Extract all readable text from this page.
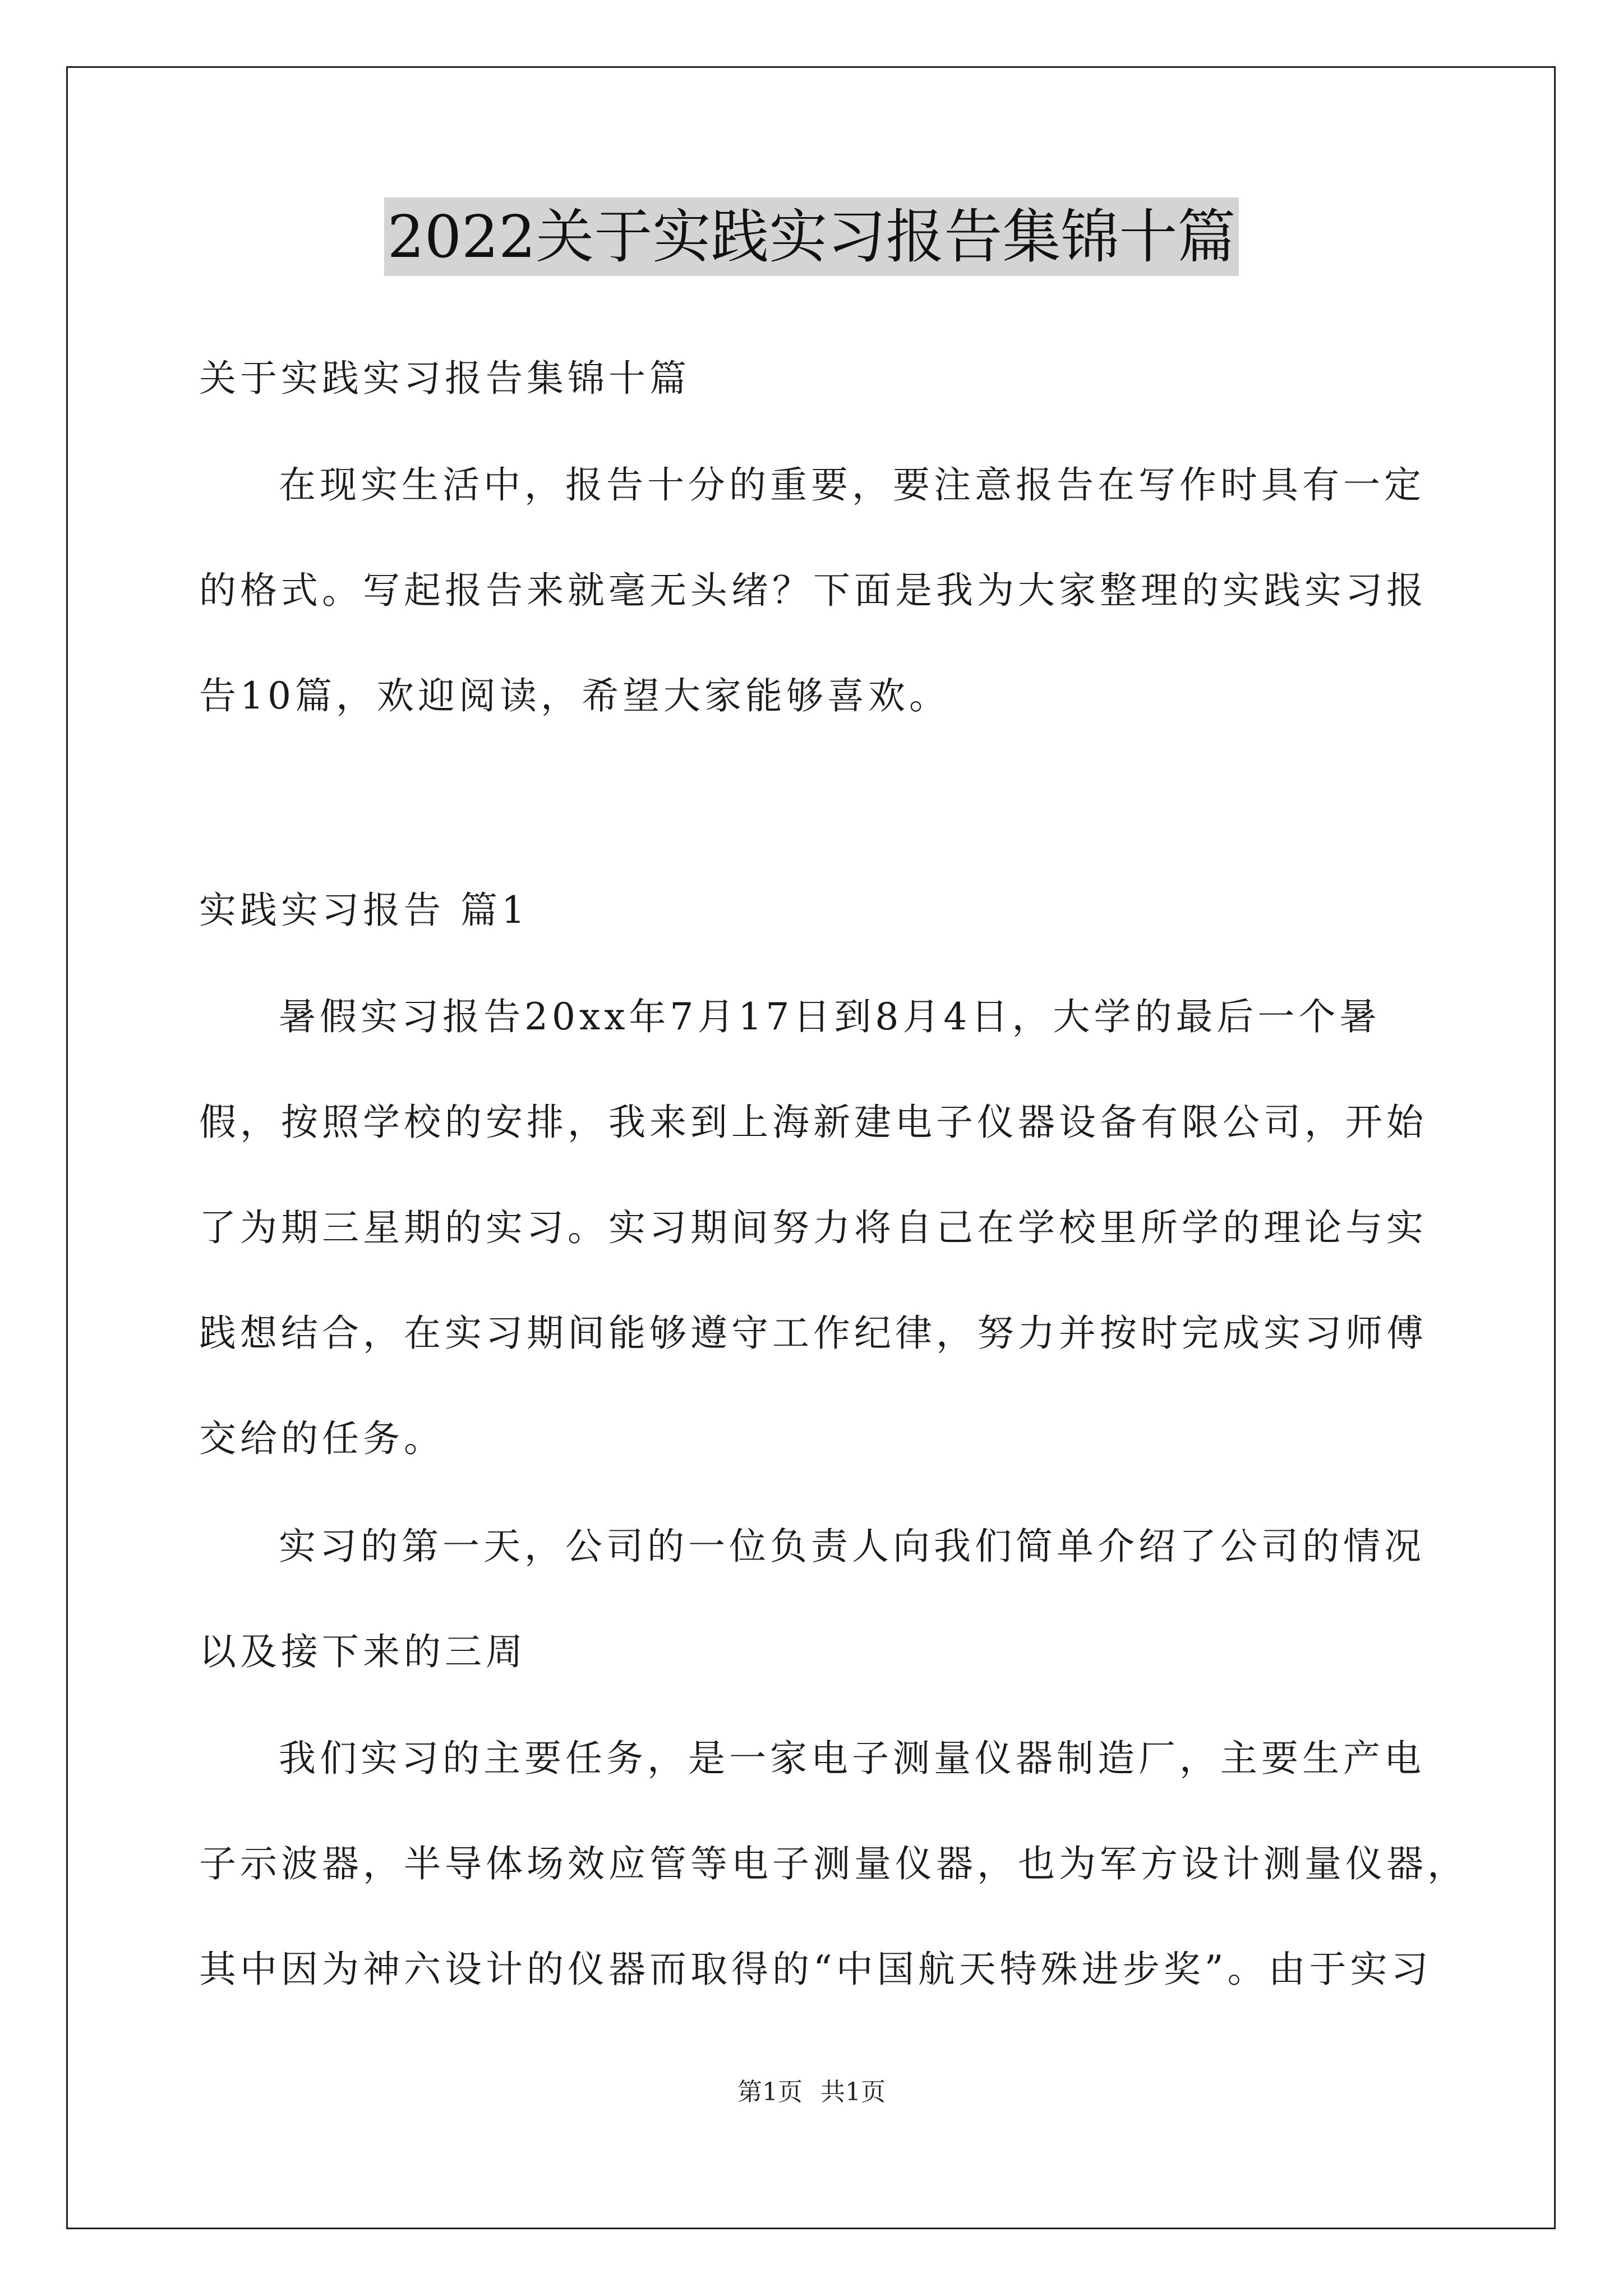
2022关于实践实习报告集锦十篇
关于实践实习报告集锦十篇
在现实生活中，报告十分的重要，要注意报告在写作时具有一定
的格式。写起报告来就毫无头绪？下面是我为大家整理的实践实习报
告10篇，欢迎阅读，希望大家能够喜欢。
实践实习报告 篇1
暑假实习报告20xx年7月17日到8月4日，大学的最后一个暑
假，按照学校的安排，我来到上海新建电子仪器设备有限公司，开始
了为期三星期的实习。实习期间努力将自己在学校里所学的理论与实
践想结合，在实习期间能够遵守工作纪律，努力并按时完成实习师傅
交给的任务。
实习的第一天，公司的一位负责人向我们简单介绍了公司的情况
以及接下来的三周
我们实习的主要任务，是一家电子测量仪器制造厂，主要生产电
子示波器，半导体场效应管等电子测量仪器，也为军方设计测量仪器，
其中因为神六设计的仪器而取得的“中国航天特殊进步奖”。由于实习
第1页 共1页
